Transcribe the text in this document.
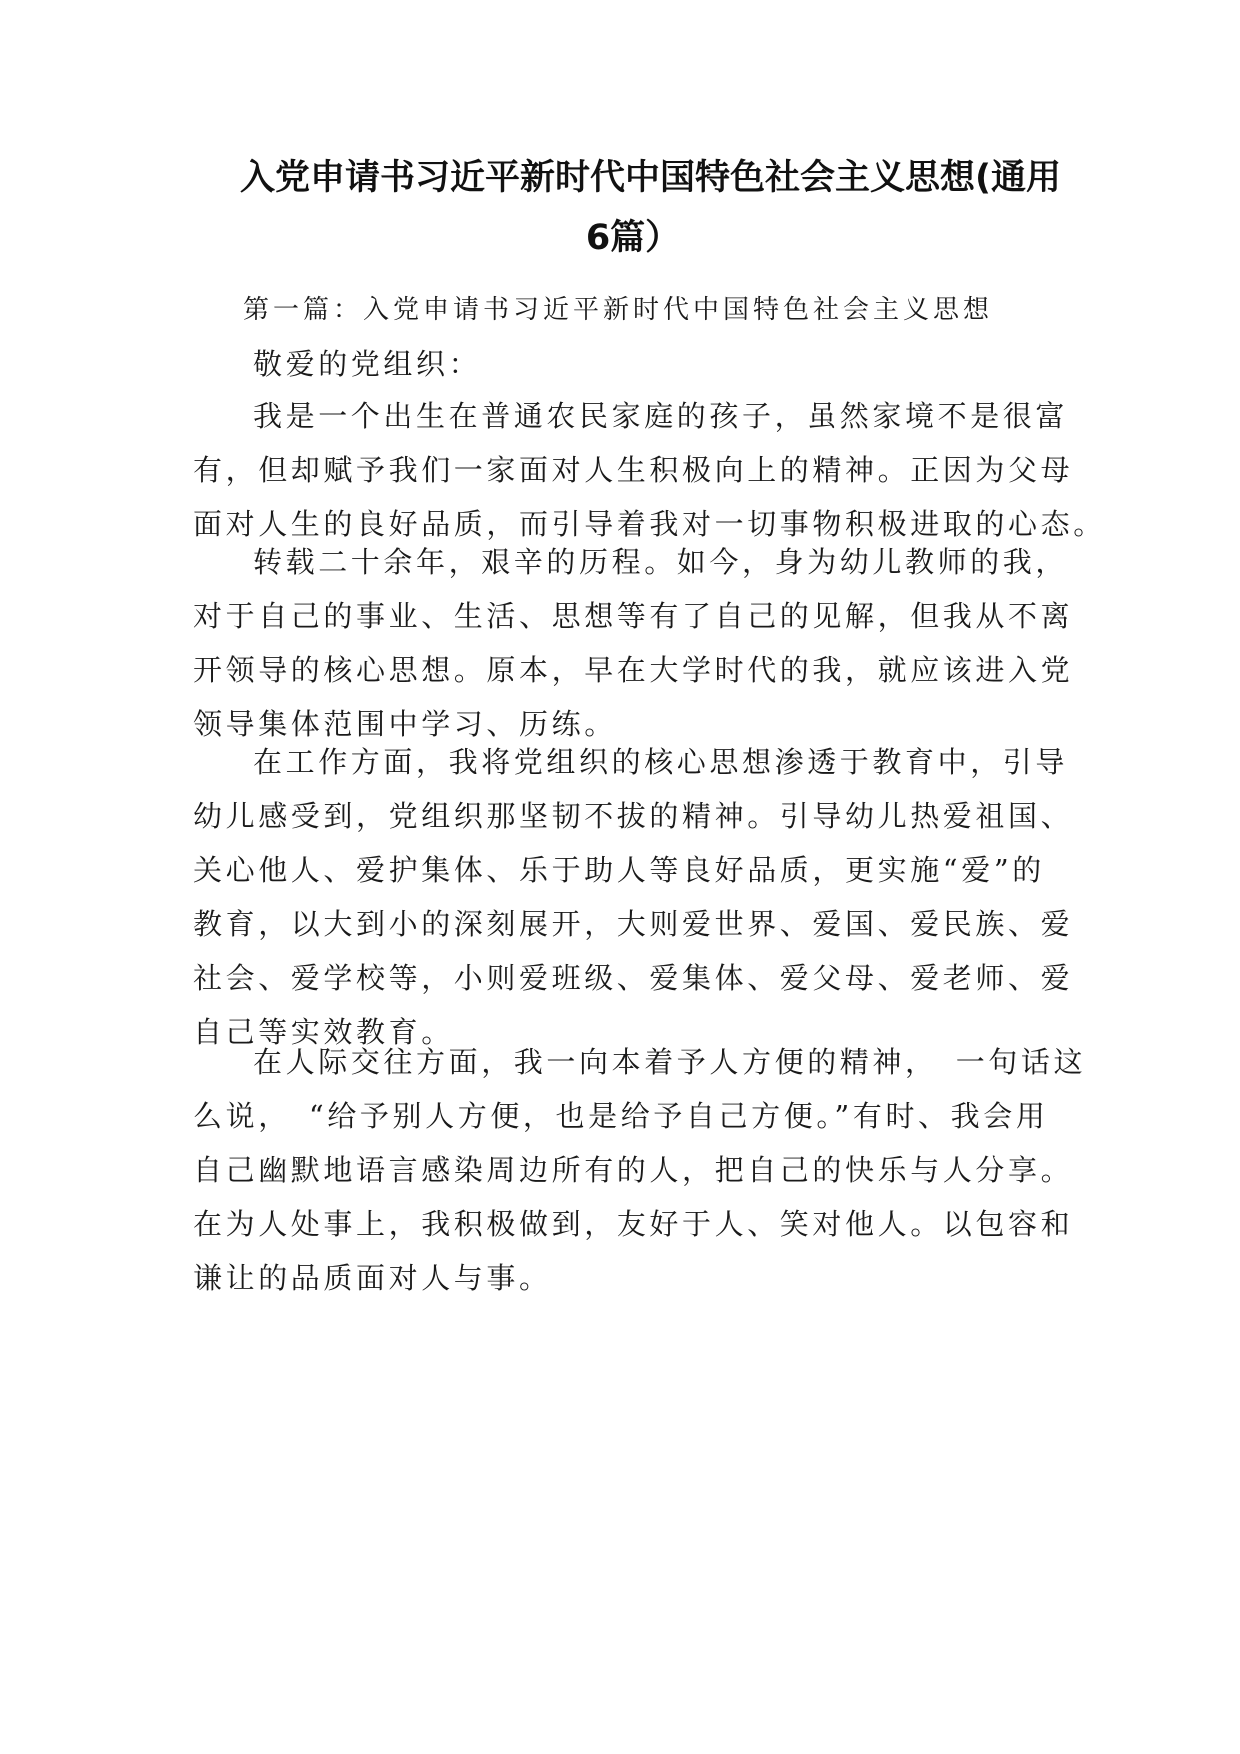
入党申请书习近平新时代中国特色社会主义思想(通用
6篇）
第一篇：入党申请书习近平新时代中国特色社会主义思想

敬爱的党组织：

我是一个出生在普通农民家庭的孩子，虽然家境不是很富
有，但却赋予我们一家面对人生积极向上的精神。正因为父母
面对人生的良好品质，而引导着我对一切事物积极进取的心态。

转载二十余年，艰辛的历程。如今，身为幼儿教师的我，
对于自己的事业、生活、思想等有了自己的见解，但我从不离
开领导的核心思想。原本，早在大学时代的我，就应该进入党
领导集体范围中学习、历练。

在工作方面，我将党组织的核心思想渗透于教育中，引导
幼儿感受到，党组织那坚韧不拔的精神。引导幼儿热爱祖国、
关心他人、爱护集体、乐于助人等良好品质，更实施“爱”的
教育，以大到小的深刻展开，大则爱世界、爱国、爱民族、爱
社会、爱学校等，小则爱班级、爱集体、爱父母、爱老师、爱
自己等实效教育。

在人际交往方面，我一向本着予人方便的精神，　一句话这
么说，　“给予别人方便，也是给予自己方便。”有时、我会用
自己幽默地语言感染周边所有的人，把自己的快乐与人分享。
在为人处事上，我积极做到，友好于人、笑对他人。以包容和
谦让的品质面对人与事。
